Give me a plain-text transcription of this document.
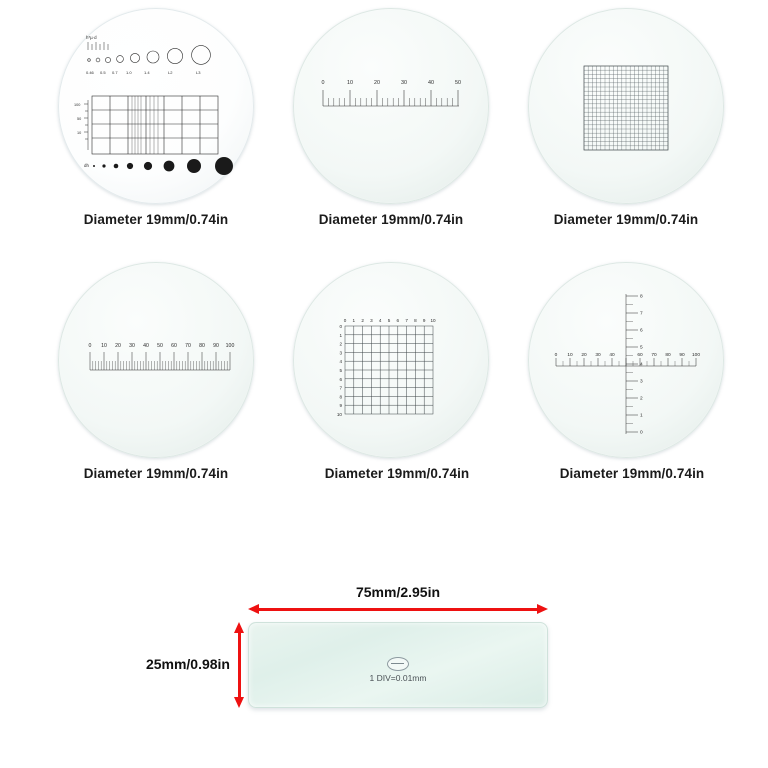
h*µ·d
dh
0.46 0.5 0.7 1.0	1.4	L2	L3
100
50
10
Diameter 19mm/0.74in
0	10	20	30	40	50
Diameter 19mm/0.74in	Diameter 19mm/0.74in
0 10 20 30 40 50 60 70 80 90 100
Diameter 19mm/0.74in
0 1 2 3 4 5 6 7 8 9 10
0
1
2
3
4
5
6
7
8
9
10
Diameter 19mm/0.74in
0 10 20 30 40	60 70 80 90 100
8
7
6
5
4
3
2
1
0
Diameter 19mm/0.74in
75mm/2.95in
25mm/0.98in
1 DIV=0.01mm
